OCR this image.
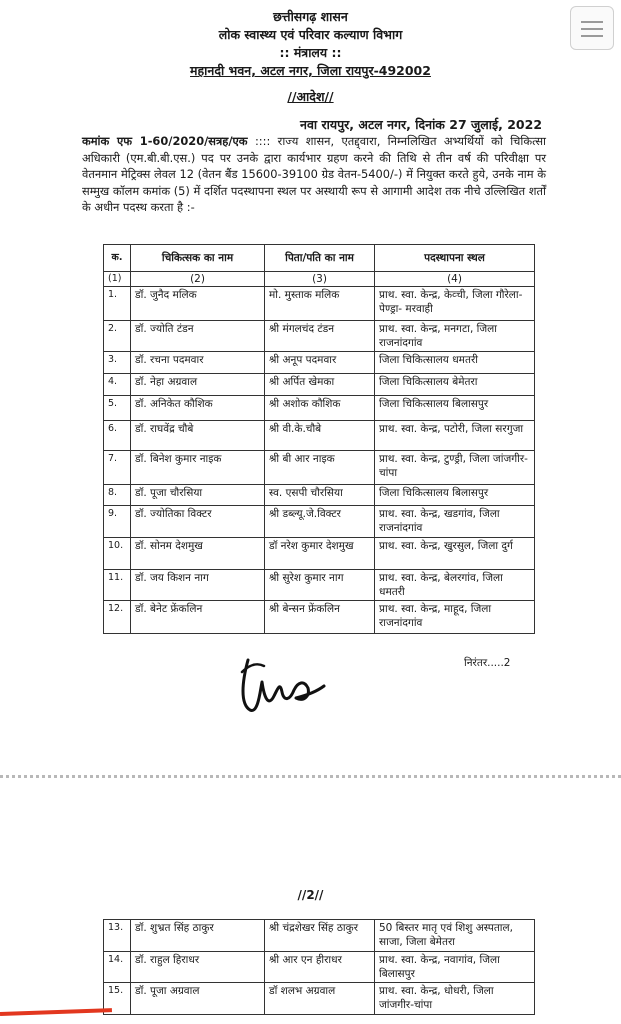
छत्तीसगढ़ शासन
लोक स्वास्थ्य एवं परिवार कल्याण विभाग
:: मंत्रालय ::
महानदी भवन, अटल नगर, जिला रायपुर-492002
//आदेश//
नवा रायपुर, अटल नगर, दिनांक 27 जुलाई, 2022

कमांक एफ 1-60/2020/सत्रह/एक :::: राज्य शासन, एतद्द्वारा, निम्नलिखित अभ्यर्थियों को चिकित्सा अधिकारी (एम.बी.बी.एस.) पद पर उनके द्वारा कार्यभार ग्रहण करने की तिथि से तीन वर्ष की परिवीक्षा पर वेतनमान मेट्रिक्स लेवल 12 (वेतन बैंड 15600-39100 ग्रेड वेतन-5400/-) में नियुक्त करते हुये, उनके नाम के सम्मुख कॉलम कमांक (5) में दर्शित पदस्थापना स्थल पर अस्थायी रूप से आगामी आदेश तक नीचे उल्लिखित शर्तों के अधीन पदस्थ करता है :-

क.	चिकित्सक का नाम	पिता/पति का नाम	पदस्थापना स्थल
(1)	(2)	(3)	(4)
1.	डॉ. जुनैद मलिक	मो. मुस्ताक मलिक	प्राथ. स्वा. केन्द्र, केव्ची, जिला गौरेला-पेण्ड्रा- मरवाही
2.	डॉ. ज्योति टंडन	श्री मंगलचंद टंडन	प्राथ. स्वा. केन्द्र, मनगटा, जिला राजनांदगांव
3.	डॉ. रचना पदमवार	श्री अनूप पदमवार	जिला चिकित्सालय धमतरी
4.	डॉ. नेहा अग्रवाल	श्री अर्पित खेमका	जिला चिकित्सालय बेमेतरा
5.	डॉ. अनिकेत कौशिक	श्री अशोक कौशिक	जिला चिकित्सालय बिलासपुर
6.	डॉ. राघवेंद्र चौबे	श्री वी.के.चौबे	प्राथ. स्वा. केन्द्र, पटोरी, जिला सरगुजा
7.	डॉ. बिनेश कुमार नाइक	श्री बी आर नाइक	प्राथ. स्वा. केन्द्र, टुण्ड्री, जिला जांजगीर-चांपा
8.	डॉ. पूजा चौरसिया	स्व. एसपी चौरसिया	जिला चिकित्सालय बिलासपुर
9.	डॉ. ज्योतिका विक्टर	श्री डब्ल्यू.जे.विक्टर	प्राथ. स्वा. केन्द्र, खडगांव, जिला राजनांदगांव
10.	डॉ. सोनम देशमुख	डॉ नरेश कुमार देशमुख	प्राथ. स्वा. केन्द्र, खुरसुल, जिला दुर्ग
11.	डॉ. जय किशन नाग	श्री सुरेश कुमार नाग	प्राथ. स्वा. केन्द्र, बेलरगांव, जिला धमतरी
12.	डॉ. बेनेट फ्रेंकलिन	श्री बेन्सन फ्रेंकलिन	प्राथ. स्वा. केन्द्र, माहूद, जिला राजनांदगांव
निरंतर.....2
//2//
13.	डॉ. शुभ्रत सिंह ठाकुर	श्री चंद्रशेखर सिंह ठाकुर	50 बिस्तर मातृ एवं शिशु अस्पताल, साजा, जिला बेमेतरा
14.	डॉ. राहुल हिराधर	श्री आर एन हीराधर	प्राथ. स्वा. केन्द्र, नवागांव, जिला बिलासपुर
15.	डॉ. पूजा अग्रवाल	डॉ शलभ अग्रवाल	प्राथ. स्वा. केन्द्र, धोधरी, जिला जांजगीर-चांपा
